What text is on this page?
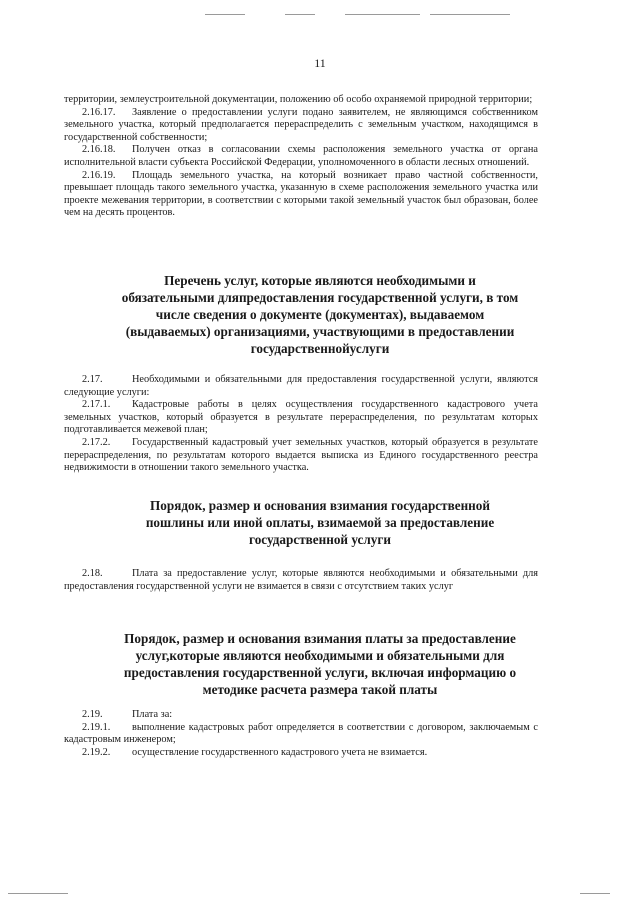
11

территории, землеустроительной документации, положению об особо охраняемой природной территории;

2.16.17. Заявление о предоставлении услуги подано заявителем, не являющимся собственником земельного участка, который предполагается перераспределить с земельным участком, находящимся в государственной собственности;

2.16.18. Получен отказ в согласовании схемы расположения земельного участка от органа исполнительной власти субъекта Российской Федерации, уполномоченного в области лесных отношений.

2.16.19. Площадь земельного участка, на который возникает право частной собственности, превышает площадь такого земельного участка, указанную в схеме расположения земельного участка или проекте межевания территории, в соответствии с которыми такой земельный участок был образован, более чем на десять процентов.

Перечень услуг, которые являются необходимыми и
обязательными дляпредоставления государственной услуги, в том
числе сведения о документе (документах), выдаваемом
(выдаваемых) организациями, участвующими в предоставлении
государственнойуслуги

2.17.	Необходимыми и обязательными для предоставления государственной услуги, являются следующие услуги:

2.17.1. Кадастровые работы в целях осуществления государственного кадастрового учета земельных участков, который образуется в результате перераспределения, по результатам которых подготавливается межевой план;

2.17.2. Государственный кадастровый учет земельных участков, который образуется в результате перераспределения, по результатам которого выдается выписка из Единого государственного реестра недвижимости в отношении такого земельного участка.

Порядок, размер и основания взимания государственной
пошлины или иной оплаты, взимаемой за предоставление
государственной услуги

2.18.	Плата за предоставление услуг, которые являются необходимыми и обязательными для предоставления государственной услуги не взимается в связи с отсутствием таких услуг

Порядок, размер и основания взимания платы за предоставление
услуг,которые являются необходимыми и обязательными для
предоставления государственной услуги, включая информацию о
методике расчета размера такой платы

2.19.	Плата за:

2.19.1. выполнение кадастровых работ определяется в соответствии с договором, заключаемым с кадастровым инженером;

2.19.2. осуществление государственного кадастрового учета не взимается.
